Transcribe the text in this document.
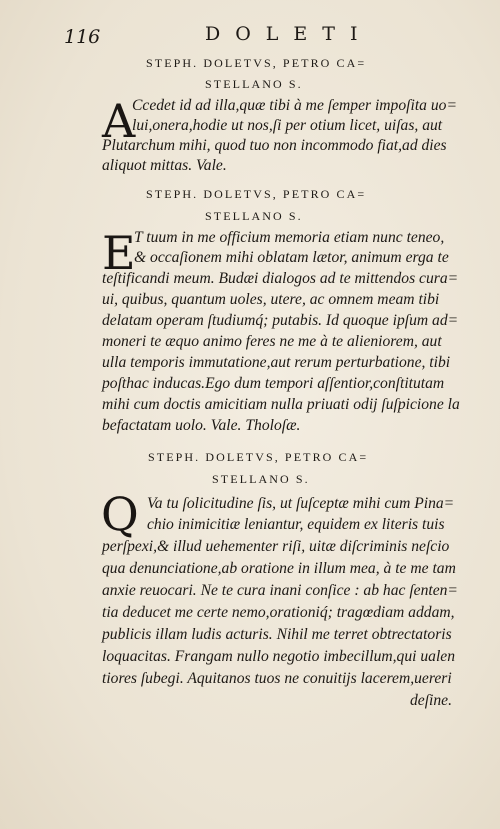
116	DOLETI
STEPH. DOLETVS, PETRO CA=
STELLANO S.
A
Ccedet id ad illa,quæ tibi à me ſemper impoſita uo=
lui,onera,hodie ut nos,ſi per otium licet, uiſas, aut
Plutarchum mihi, quod tuo non incommodo fiat,ad dies
aliquot mittas. Vale.
STEPH. DOLETVS, PETRO CA=
STELLANO S.
E
T tuum in me officium memoria etiam nunc teneo,
& occaſionem mihi oblatam lætor, animum erga te
teſtificandi meum. Budæi dialogos ad te mittendos cura=
ui, quibus, quantum uoles, utere, ac omnem meam tibi
delatam operam ſtudiumq́; putabis. Id quoque ipſum ad=
moneri te æquo animo feres ne me à te alieniorem, aut
ulla temporis immutatione,aut rerum perturbatione, tibi
poſthac inducas.Ego dum tempori aſſentior,conſtitutam
mihi cum doctis amicitiam nulla priuati odij ſuſpicione la
befactatam uolo. Vale. Tholoſæ.
STEPH. DOLETVS, PETRO CA=
STELLANO S.
Q Va tu ſolicitudine ſis, ut ſuſceptæ mihi cum Pina=
chio inimicitiæ leniantur, equidem ex literis tuis
perſpexi,& illud uehementer riſi, uitæ diſcriminis neſcio
qua denunciatione,ab oratione in illum mea, à te me tam
anxie reuocari. Ne te cura inani conſice : ab hac ſenten=
tia deducet me certe nemo,orationiq́; tragœdiam addam,
publicis illam ludis acturis. Nihil me terret obtrectatoris
loquacitas. Frangam nullo negotio imbecillum,qui ualen
tiores ſubegi. Aquitanos tuos ne conuitijs lacerem,uereri
deſine.
